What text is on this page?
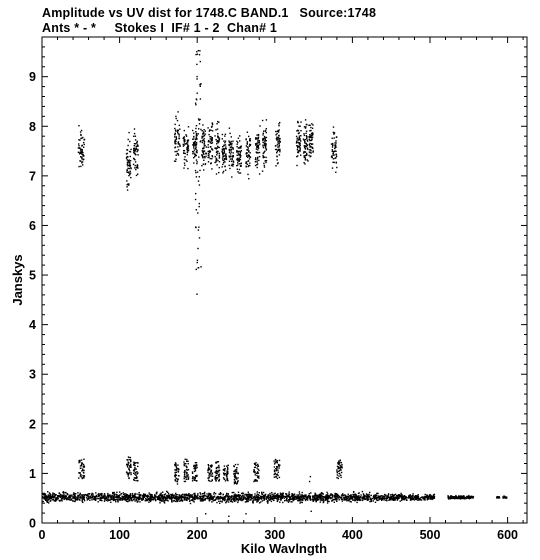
Amplitude vs UV dist for 1748.C BAND.1   Source:1748
Ants * - *     Stokes I  IF# 1 - 2  Chan# 1
0	100	200	300	400	500	600
0
1
2
3
4
5
6
7
8
9
Kilo Wavlngth
Janskys
